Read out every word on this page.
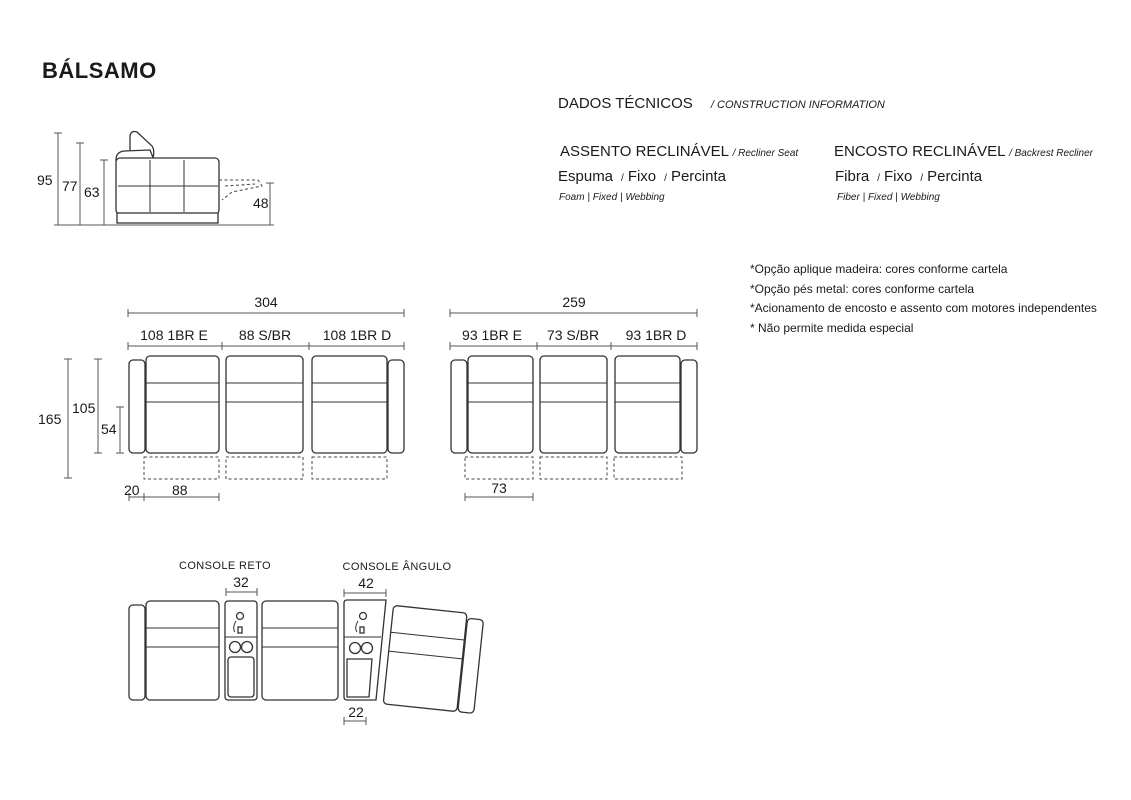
BÁLSAMO
DADOS TÉCNICOS / CONSTRUCTION INFORMATION
ASSENTO RECLINÁVEL / Recliner Seat
Espuma / Fixo / Percinta
Foam | Fixed | Webbing
ENCOSTO RECLINÁVEL / Backrest Recliner
Fibra / Fixo / Percinta
Fiber | Fixed | Webbing
*Opção aplique madeira: cores conforme cartela
*Opção pés metal: cores conforme cartela
*Acionamento de encosto e assento com motores independentes
* Não permite medida especial
95 77 63
48
304
108 1BR E 88 S/BR 108 1BR D
165
105
54
20 88
259
93 1BR E 73 S/BR 93 1BR D
73
CONSOLE RETO	CONSOLE ÂNGULO
32	42
22
